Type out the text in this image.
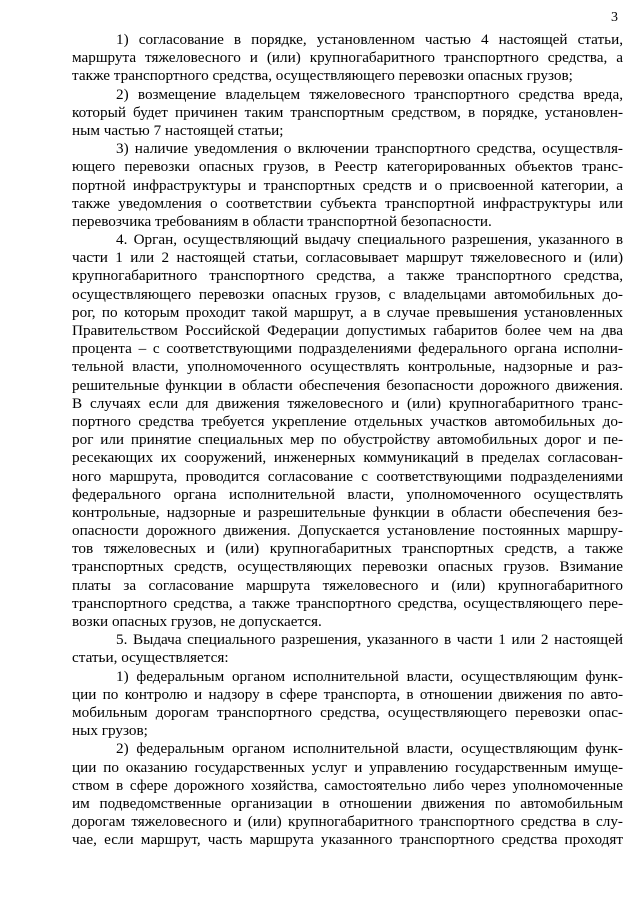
3
1) согласование в порядке, установленном частью 4 настоящей статьи,
маршрута тяжеловесного и (или) крупногабаритного транспортного средства, а
также транспортного средства, осуществляющего перевозки опасных грузов;
2) возмещение владельцем тяжеловесного транспортного средства вреда,
который будет причинен таким транспортным средством, в порядке, установлен-
ным частью 7 настоящей статьи;
3) наличие уведомления о включении транспортного средства, осуществля-
ющего перевозки опасных грузов, в Реестр категорированных объектов транс-
портной инфраструктуры и транспортных средств и о присвоенной категории, а
также уведомления о соответствии субъекта транспортной инфраструктуры или
перевозчика требованиям в области транспортной безопасности.
4. Орган, осуществляющий выдачу специального разрешения, указанного в
части 1 или 2 настоящей статьи, согласовывает маршрут тяжеловесного и (или)
крупногабаритного транспортного средства, а также транспортного средства,
осуществляющего перевозки опасных грузов, с владельцами автомобильных до-
рог, по которым проходит такой маршрут, а в случае превышения установленных
Правительством Российской Федерации допустимых габаритов более чем на два
процента – с соответствующими подразделениями федерального органа исполни-
тельной власти, уполномоченного осуществлять контрольные, надзорные и раз-
решительные функции в области обеспечения безопасности дорожного движения.
В случаях если для движения тяжеловесного и (или) крупногабаритного транс-
портного средства требуется укрепление отдельных участков автомобильных до-
рог или принятие специальных мер по обустройству автомобильных дорог и пе-
ресекающих их сооружений, инженерных коммуникаций в пределах согласован-
ного маршрута, проводится согласование с соответствующими подразделениями
федерального органа исполнительной власти, уполномоченного осуществлять
контрольные, надзорные и разрешительные функции в области обеспечения без-
опасности дорожного движения. Допускается установление постоянных маршру-
тов тяжеловесных и (или) крупногабаритных транспортных средств, а также
транспортных средств, осуществляющих перевозки опасных грузов. Взимание
платы за согласование маршрута тяжеловесного и (или) крупногабаритного
транспортного средства, а также транспортного средства, осуществляющего пере-
возки опасных грузов, не допускается.
5. Выдача специального разрешения, указанного в части 1 или 2 настоящей
статьи, осуществляется:
1) федеральным органом исполнительной власти, осуществляющим функ-
ции по контролю и надзору в сфере транспорта, в отношении движения по авто-
мобильным дорогам транспортного средства, осуществляющего перевозки опас-
ных грузов;
2) федеральным органом исполнительной власти, осуществляющим функ-
ции по оказанию государственных услуг и управлению государственным имуще-
ством в сфере дорожного хозяйства, самостоятельно либо через уполномоченные
им подведомственные организации в отношении движения по автомобильным
дорогам тяжеловесного и (или) крупногабаритного транспортного средства в слу-
чае, если маршрут, часть маршрута указанного транспортного средства проходят
